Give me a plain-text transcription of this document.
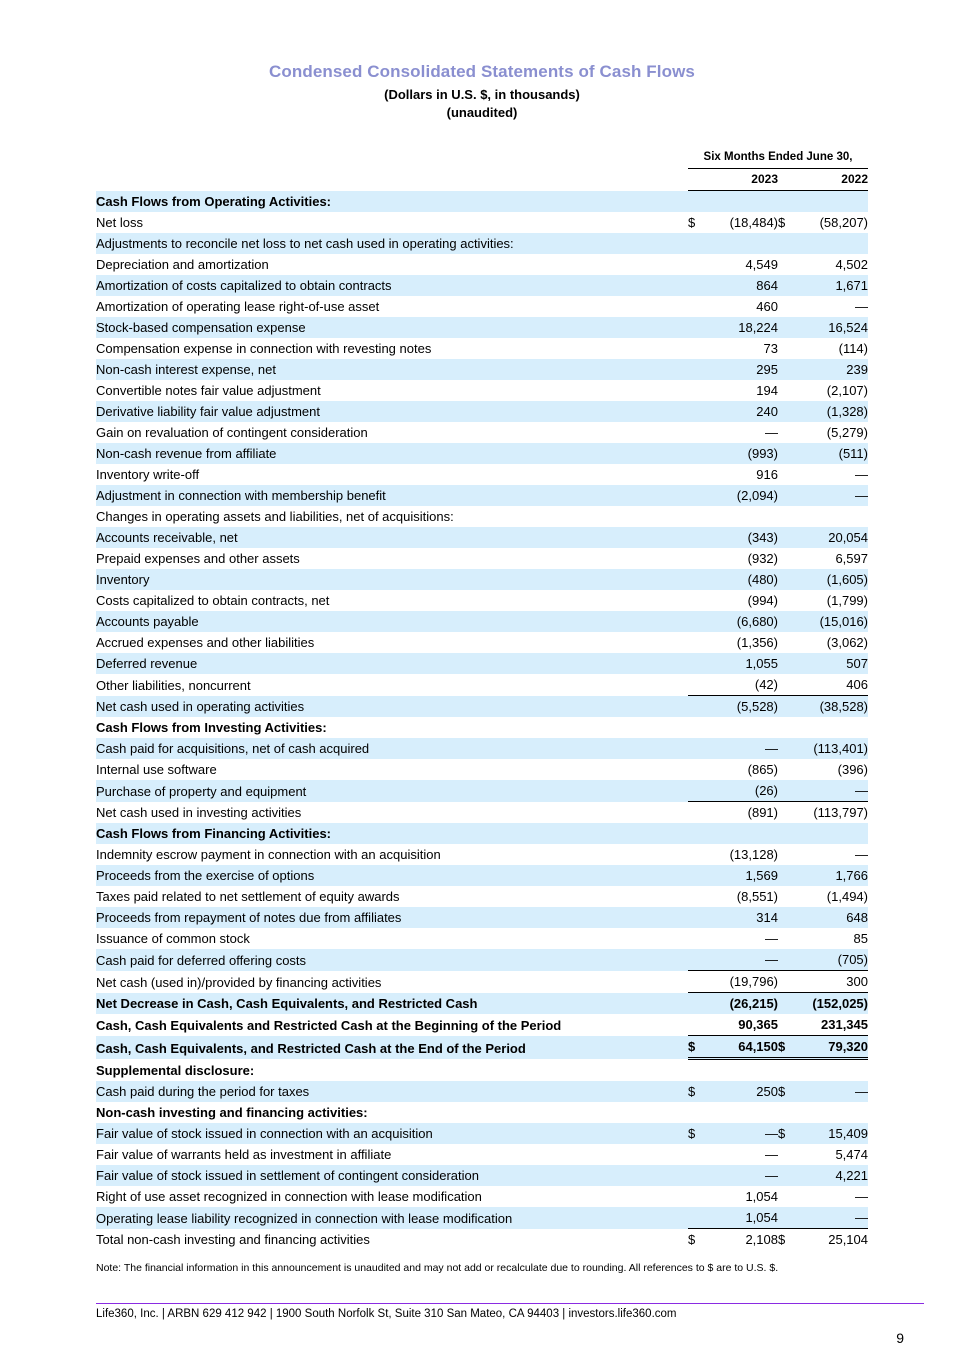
Condensed Consolidated Statements of Cash Flows
(Dollars in U.S. $, in thousands)
(unaudited)
		Six Months Ended June 30,			
		2023		2022	
Cash Flows from Operating Activities:					
Net loss		$	(18,484)	$	(58,207)
Adjustments to reconcile net loss to net cash used in operating activities:					
Depreciation and amortization			4,549		4,502
Amortization of costs capitalized to obtain contracts			864		1,671
Amortization of operating lease right-of-use asset			460		—
Stock-based compensation expense			18,224		16,524
Compensation expense in connection with revesting notes			73		(114)
Non-cash interest expense, net			295		239
Convertible notes fair value adjustment			194		(2,107)
Derivative liability fair value adjustment			240		(1,328)
Gain on revaluation of contingent consideration			—		(5,279)
Non-cash revenue from affiliate			(993)		(511)
Inventory write-off			916		—
Adjustment in connection with membership benefit			(2,094)		—
Changes in operating assets and liabilities, net of acquisitions:					
Accounts receivable, net			(343)		20,054
Prepaid expenses and other assets			(932)		6,597
Inventory			(480)		(1,605)
Costs capitalized to obtain contracts, net			(994)		(1,799)
Accounts payable			(6,680)		(15,016)
Accrued expenses and other liabilities			(1,356)		(3,062)
Deferred revenue			1,055		507
Other liabilities, noncurrent			(42)		406
Net cash used in operating activities			(5,528)		(38,528)
Cash Flows from Investing Activities:					
Cash paid for acquisitions, net of cash acquired			—		(113,401)
Internal use software			(865)		(396)
Purchase of property and equipment			(26)		—
Net cash used in investing activities			(891)		(113,797)
Cash Flows from Financing Activities:					
Indemnity escrow payment in connection with an acquisition			(13,128)		—
Proceeds from the exercise of options			1,569		1,766
Taxes paid related to net settlement of equity awards			(8,551)		(1,494)
Proceeds from repayment of notes due from affiliates			314		648
Issuance of common stock			—		85
Cash paid for deferred offering costs			—		(705)
Net cash (used in)/provided by financing activities			(19,796)		300
Net Decrease in Cash, Cash Equivalents, and Restricted Cash			(26,215)		(152,025)
Cash, Cash Equivalents and Restricted Cash at the Beginning of the Period			90,365		231,345
Cash, Cash Equivalents, and Restricted Cash at the End of the Period		$	64,150	$	79,320
Supplemental disclosure:					
Cash paid during the period for taxes		$	250	$	—
Non-cash investing and financing activities:					
Fair value of stock issued in connection with an acquisition		$	—	$	15,409
Fair value of warrants held as investment in affiliate			—		5,474
Fair value of stock issued in settlement of contingent consideration			—		4,221
Right of use asset recognized in connection with lease modification			1,054		—
Operating lease liability recognized in connection with lease modification			1,054		—
Total non-cash investing and financing activities		$	2,108	$	25,104
Note: The financial information in this announcement is unaudited and may not add or recalculate due to rounding. All references to $ are to U.S. $.
Life360, Inc. | ARBN 629 412 942 | 1900 South Norfolk St, Suite 310 San Mateo, CA 94403 | investors.life360.com
9
